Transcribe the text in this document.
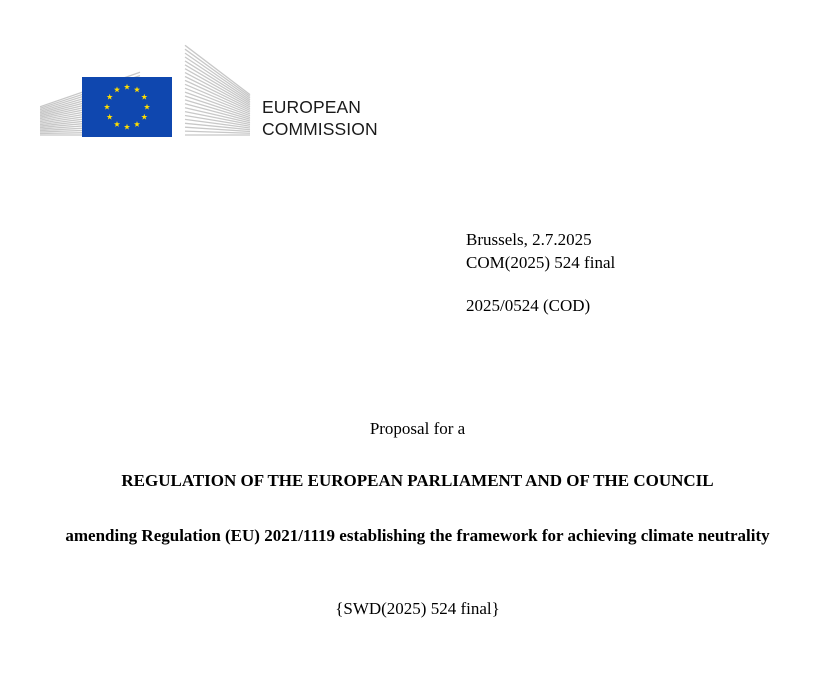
EUROPEAN
COMMISSION
Brussels, 2.7.2025
COM(2025) 524 final
2025/0524 (COD)
Proposal for a
REGULATION OF THE EUROPEAN PARLIAMENT AND OF THE COUNCIL
amending Regulation (EU) 2021/1119 establishing the framework for achieving climate neutrality
{SWD(2025) 524 final}
